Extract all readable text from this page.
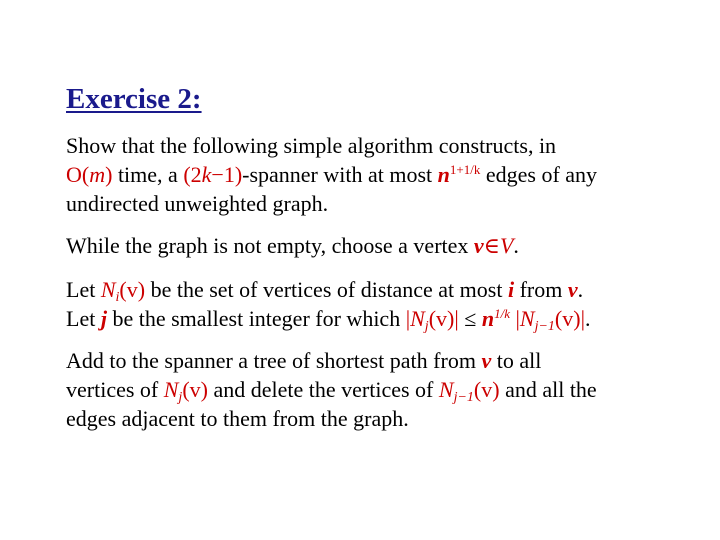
Exercise 2:
Show that the following simple algorithm constructs, in
O(m) time, a (2k−1)-spanner with at most $n^{1+1/k}$ edges of any
undirected unweighted graph.
While the graph is not empty, choose a vertex v∈V.
Let $N_i(v)$ be the set of vertices of distance at most i from v.
Let j be the smallest integer for which $|N_j(v)| \le n^{1/k}$ $|N_{j-1}(v)|$.
Add to the spanner a tree of shortest path from v to all
vertices of $N_j(v)$ and delete the vertices of $N_{j-1}(v)$ and all the
edges adjacent to them from the graph.
